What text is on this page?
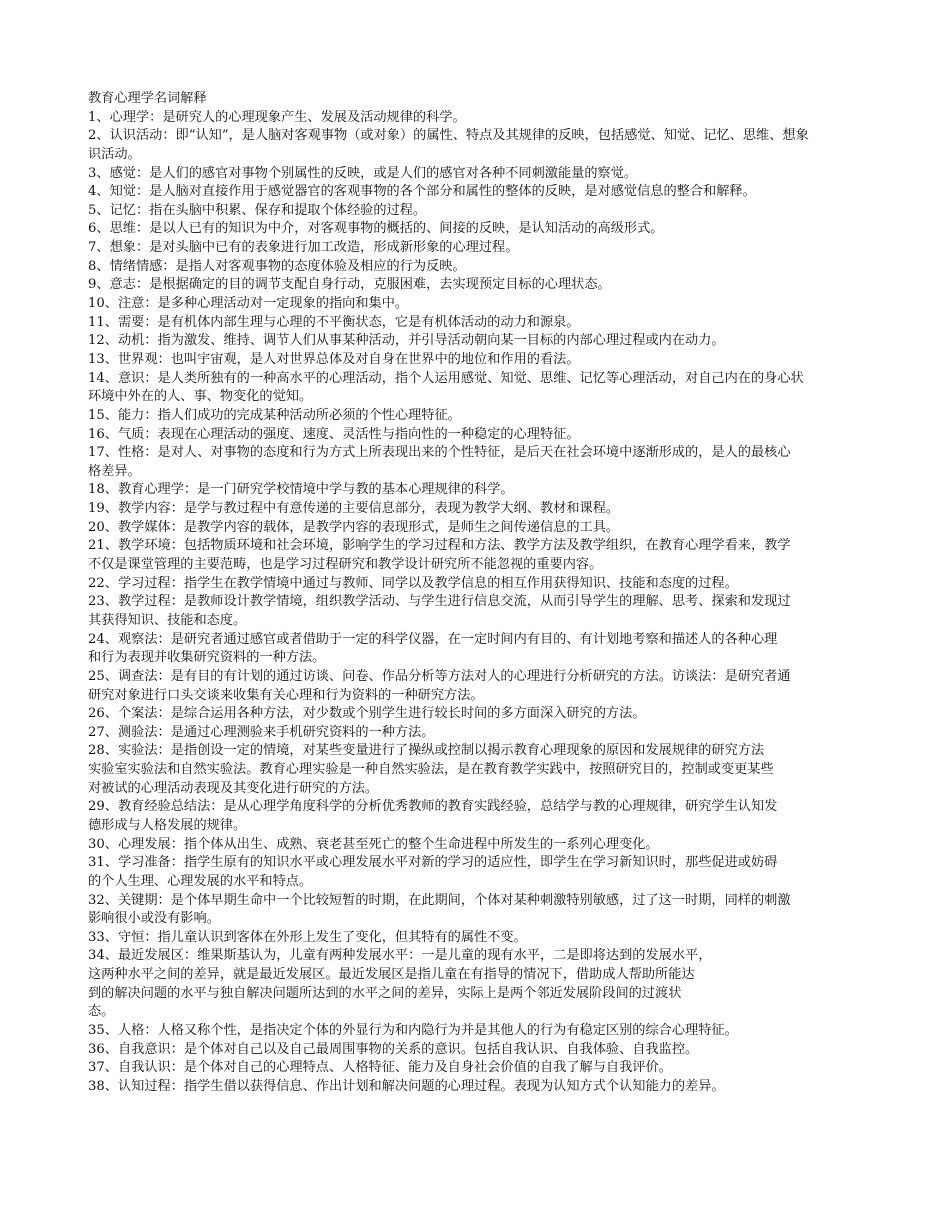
教育心理学名词解释
1、心理学：是研究人的心理现象产生、发展及活动规律的科学。
2、认识活动：即“认知”，是人脑对客观事物（或对象）的属性、特点及其规律的反映，包括感觉、知觉、记忆、思维、想象
识活动。
3、感觉：是人们的感官对事物个别属性的反映，或是人们的感官对各种不同刺激能量的察觉。
4、知觉：是人脑对直接作用于感觉器官的客观事物的各个部分和属性的整体的反映，是对感觉信息的整合和解释。
5、记忆：指在头脑中积累、保存和提取个体经验的过程。
6、思维：是以人已有的知识为中介，对客观事物的概括的、间接的反映，是认知活动的高级形式。
7、想象：是对头脑中已有的表象进行加工改造，形成新形象的心理过程。
8、情绪情感：是指人对客观事物的态度体验及相应的行为反映。
9、意志：是根据确定的目的调节支配自身行动，克服困难，去实现预定目标的心理状态。
10、注意：是多种心理活动对一定现象的指向和集中。
11、需要：是有机体内部生理与心理的不平衡状态，它是有机体活动的动力和源泉。
12、动机：指为激发、维持、调节人们从事某种活动，并引导活动朝向某一目标的内部心理过程或内在动力。
13、世界观：也叫宇宙观，是人对世界总体及对自身在世界中的地位和作用的看法。
14、意识：是人类所独有的一种高水平的心理活动，指个人运用感觉、知觉、思维、记忆等心理活动，对自己内在的身心状
环境中外在的人、事、物变化的觉知。
15、能力：指人们成功的完成某种活动所必须的个性心理特征。
16、气质：表现在心理活动的强度、速度、灵活性与指向性的一种稳定的心理特征。
17、性格：是对人、对事物的态度和行为方式上所表现出来的个性特征，是后天在社会环境中逐渐形成的，是人的最核心
格差异。
18、教育心理学：是一门研究学校情境中学与教的基本心理规律的科学。
19、教学内容：是学与教过程中有意传递的主要信息部分，表现为教学大纲、教材和课程。
20、教学媒体：是教学内容的载体，是教学内容的表现形式，是师生之间传递信息的工具。
21、教学环境：包括物质环境和社会环境，影响学生的学习过程和方法、教学方法及教学组织，在教育心理学看来，教学
不仅是课堂管理的主要范畴，也是学习过程研究和教学设计研究所不能忽视的重要内容。
22、学习过程：指学生在教学情境中通过与教师、同学以及教学信息的相互作用获得知识、技能和态度的过程。
23、教学过程：是教师设计教学情境，组织教学活动、与学生进行信息交流，从而引导学生的理解、思考、探索和发现过
其获得知识、技能和态度。
24、观察法：是研究者通过感官或者借助于一定的科学仪器，在一定时间内有目的、有计划地考察和描述人的各种心理
和行为表现并收集研究资料的一种方法。
25、调查法：是有目的有计划的通过访谈、问卷、作品分析等方法对人的心理进行分析研究的方法。访谈法：是研究者通
研究对象进行口头交谈来收集有关心理和行为资料的一种研究方法。
26、个案法：是综合运用各种方法，对少数或个别学生进行较长时间的多方面深入研究的方法。
27、测验法：是通过心理测验来手机研究资料的一种方法。
28、实验法：是指创设一定的情境，对某些变量进行了操纵或控制以揭示教育心理现象的原因和发展规律的研究方法
实验室实验法和自然实验法。教育心理实验是一种自然实验法，是在教育教学实践中，按照研究目的，控制或变更某些
对被试的心理活动表现及其变化进行研究的方法。
29、教育经验总结法：是从心理学角度科学的分析优秀教师的教育实践经验，总结学与教的心理规律，研究学生认知发
德形成与人格发展的规律。
30、心理发展：指个体从出生、成熟、衰老甚至死亡的整个生命进程中所发生的一系列心理变化。
31、学习准备：指学生原有的知识水平或心理发展水平对新的学习的适应性，即学生在学习新知识时，那些促进或妨碍
的个人生理、心理发展的水平和特点。
32、关键期：是个体早期生命中一个比较短暂的时期，在此期间，个体对某种刺激特别敏感，过了这一时期，同样的刺激
影响很小或没有影响。
33、守恒：指儿童认识到客体在外形上发生了变化，但其特有的属性不变。
34、最近发展区：维果斯基认为，儿童有两种发展水平：一是儿童的现有水平，二是即将达到的发展水平，
这两种水平之间的差异，就是最近发展区。最近发展区是指儿童在有指导的情况下，借助成人帮助所能达
到的解决问题的水平与独自解决问题所达到的水平之间的差异，实际上是两个邻近发展阶段间的过渡状
态。
35、人格：人格又称个性，是指决定个体的外显行为和内隐行为并是其他人的行为有稳定区别的综合心理特征。
36、自我意识：是个体对自己以及自己最周围事物的关系的意识。包括自我认识、自我体验、自我监控。
37、自我认识：是个体对自己的心理特点、人格特征、能力及自身社会价值的自我了解与自我评价。
38、认知过程：指学生借以获得信息、作出计划和解决问题的心理过程。表现为认知方式个认知能力的差异。
